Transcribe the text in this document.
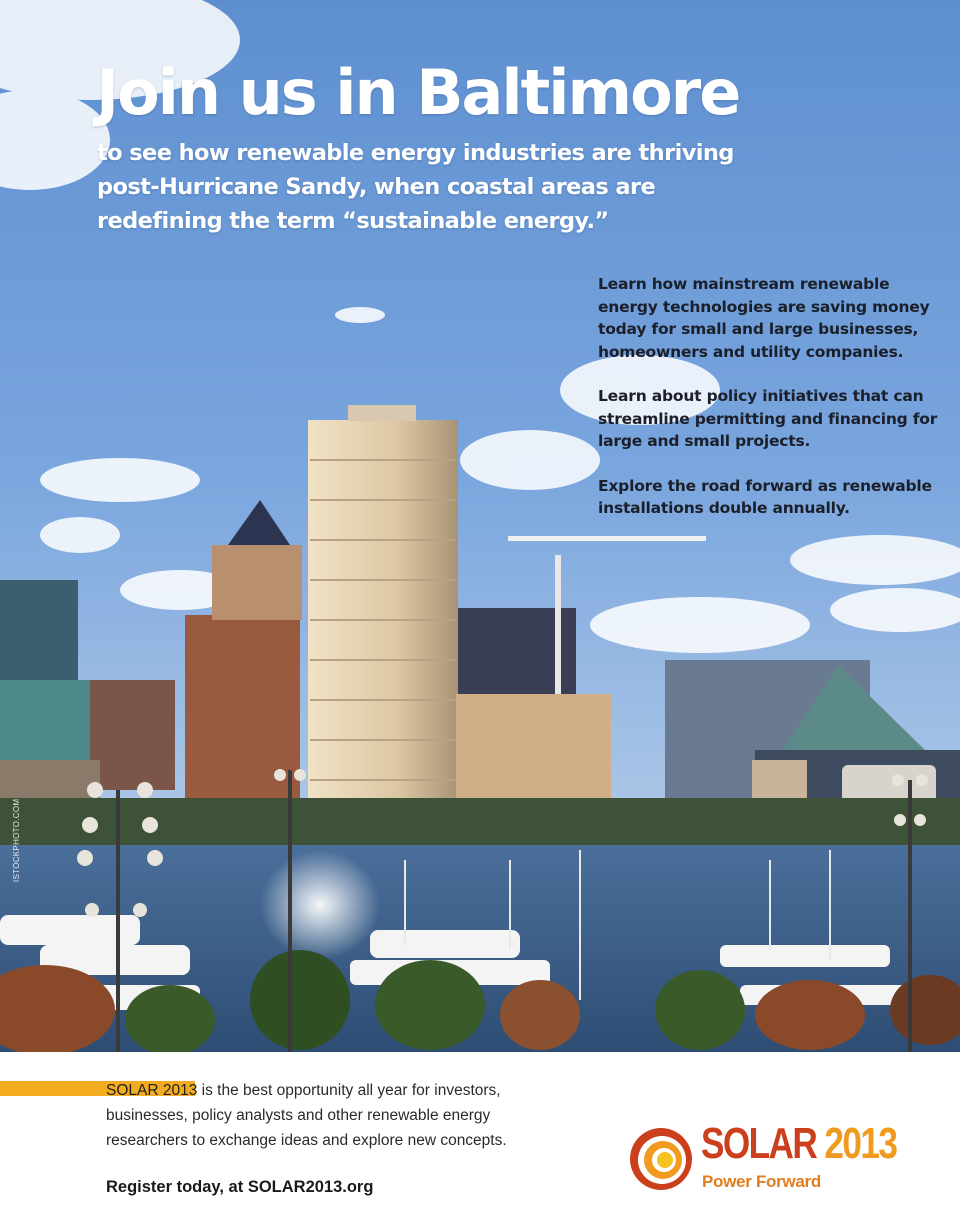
Join us in Baltimore

to see how renewable energy industries are thriving post-Hurricane Sandy, when coastal areas are redefining the term “sustainable energy.”

Learn how mainstream renewable energy technologies are saving money today for small and large businesses, homeowners and utility companies.
Learn about policy initiatives that can streamline permitting and financing for large and small projects.
Explore the road forward as renewable installations double annually.
ISTOCKPHOTO.COM

SOLAR 2013 is the best opportunity all year for investors, businesses, policy analysts and other renewable energy researchers to exchange ideas and explore new concepts.

Register today, at SOLAR2013.org

SOLAR 2013
Power Forward
